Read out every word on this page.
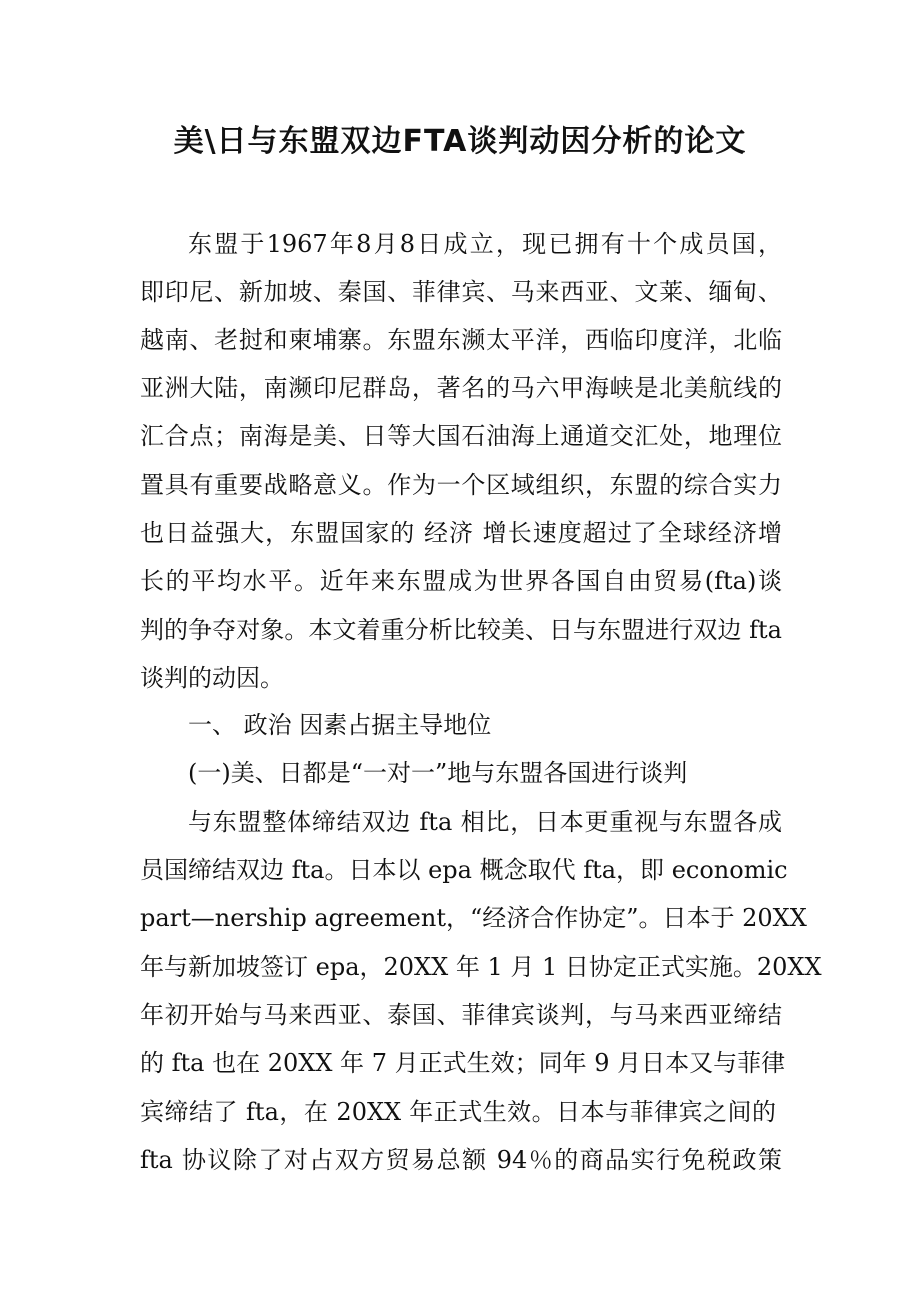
美\日与东盟双边FTA谈判动因分析的论文
东盟于1967年8月8日成立，现已拥有十个成员国，
即印尼、新加坡、秦国、菲律宾、马来西亚、文莱、缅甸、
越南、老挝和柬埔寨。东盟东濒太平洋，西临印度洋，北临
亚洲大陆，南濒印尼群岛，著名的马六甲海峡是北美航线的
汇合点；南海是美、日等大国石油海上通道交汇处，地理位
置具有重要战略意义。作为一个区域组织，东盟的综合实力
也日益强大，东盟国家的 经济 增长速度超过了全球经济增
长的平均水平。近年来东盟成为世界各国自由贸易(fta)谈
判的争夺对象。本文着重分析比较美、日与东盟进行双边 fta
谈判的动因。
一、 政治 因素占据主导地位
(一)美、日都是“一对一”地与东盟各国进行谈判
与东盟整体缔结双边 fta 相比，日本更重视与东盟各成
员国缔结双边 fta。日本以 epa 概念取代 fta，即 economic
part—nership agreement，“经济合作协定”。日本于 20XX
年与新加坡签订 epa，20XX 年 1 月 1 日协定正式实施。20XX
年初开始与马来西亚、泰国、菲律宾谈判，与马来西亚缔结
的 fta 也在 20XX 年 7 月正式生效；同年 9 月日本又与菲律
宾缔结了 fta，在 20XX 年正式生效。日本与菲律宾之间的
fta 协议除了对占双方贸易总额 94％的商品实行免税政策
